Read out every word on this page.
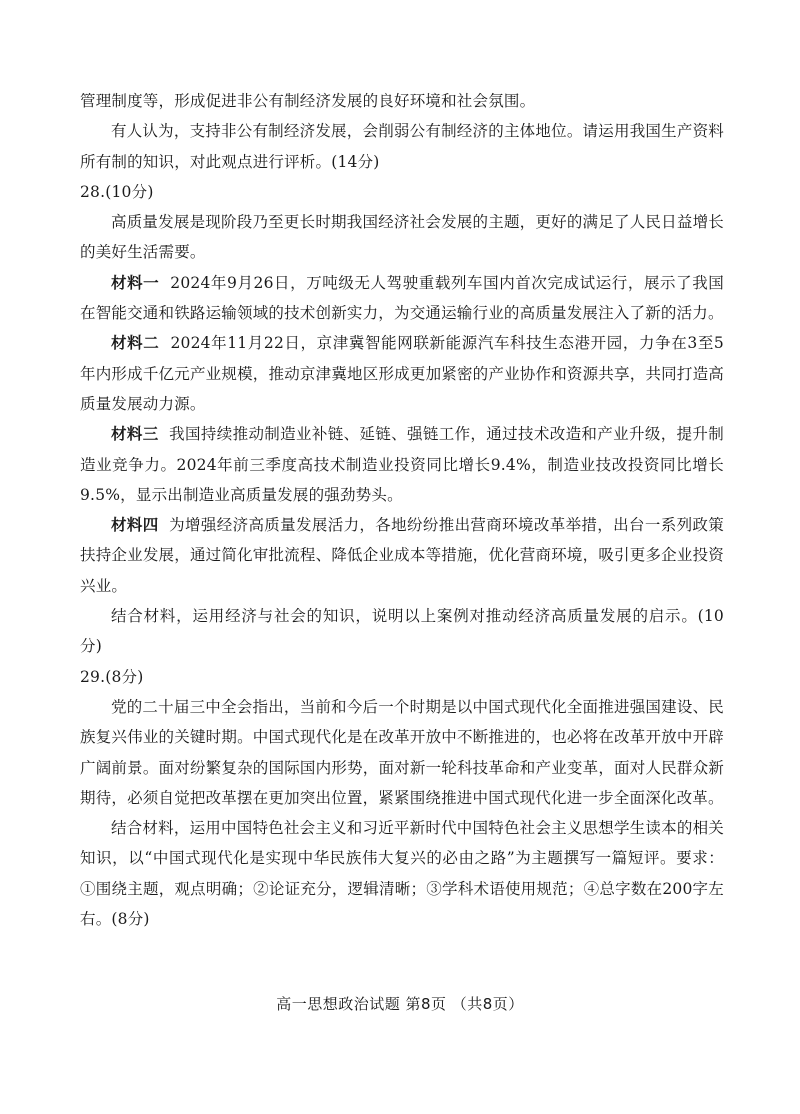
管理制度等，形成促进非公有制经济发展的良好环境和社会氛围。

有人认为，支持非公有制经济发展，会削弱公有制经济的主体地位。请运用我国生产资料所有制的知识，对此观点进行评析。(14分)

28.(10分)

高质量发展是现阶段乃至更长时期我国经济社会发展的主题，更好的满足了人民日益增长的美好生活需要。

材料一 2024年9月26日，万吨级无人驾驶重载列车国内首次完成试运行，展示了我国在智能交通和铁路运输领域的技术创新实力，为交通运输行业的高质量发展注入了新的活力。

材料二 2024年11月22日，京津冀智能网联新能源汽车科技生态港开园，力争在3至5年内形成千亿元产业规模，推动京津冀地区形成更加紧密的产业协作和资源共享，共同打造高质量发展动力源。

材料三 我国持续推动制造业补链、延链、强链工作，通过技术改造和产业升级，提升制造业竞争力。2024年前三季度高技术制造业投资同比增长9.4%，制造业技改投资同比增长9.5%，显示出制造业高质量发展的强劲势头。

材料四 为增强经济高质量发展活力，各地纷纷推出营商环境改革举措，出台一系列政策扶持企业发展，通过简化审批流程、降低企业成本等措施，优化营商环境，吸引更多企业投资兴业。

结合材料，运用经济与社会的知识，说明以上案例对推动经济高质量发展的启示。(10分)

29.(8分)

党的二十届三中全会指出，当前和今后一个时期是以中国式现代化全面推进强国建设、民族复兴伟业的关键时期。中国式现代化是在改革开放中不断推进的，也必将在改革开放中开辟广阔前景。面对纷繁复杂的国际国内形势，面对新一轮科技革命和产业变革，面对人民群众新期待，必须自觉把改革摆在更加突出位置，紧紧围绕推进中国式现代化进一步全面深化改革。

结合材料，运用中国特色社会主义和习近平新时代中国特色社会主义思想学生读本的相关知识，以“中国式现代化是实现中华民族伟大复兴的必由之路”为主题撰写一篇短评。要求：①围绕主题，观点明确；②论证充分，逻辑清晰；③学科术语使用规范；④总字数在200字左右。(8分)

高一思想政治试题 第8页 （共8页）
